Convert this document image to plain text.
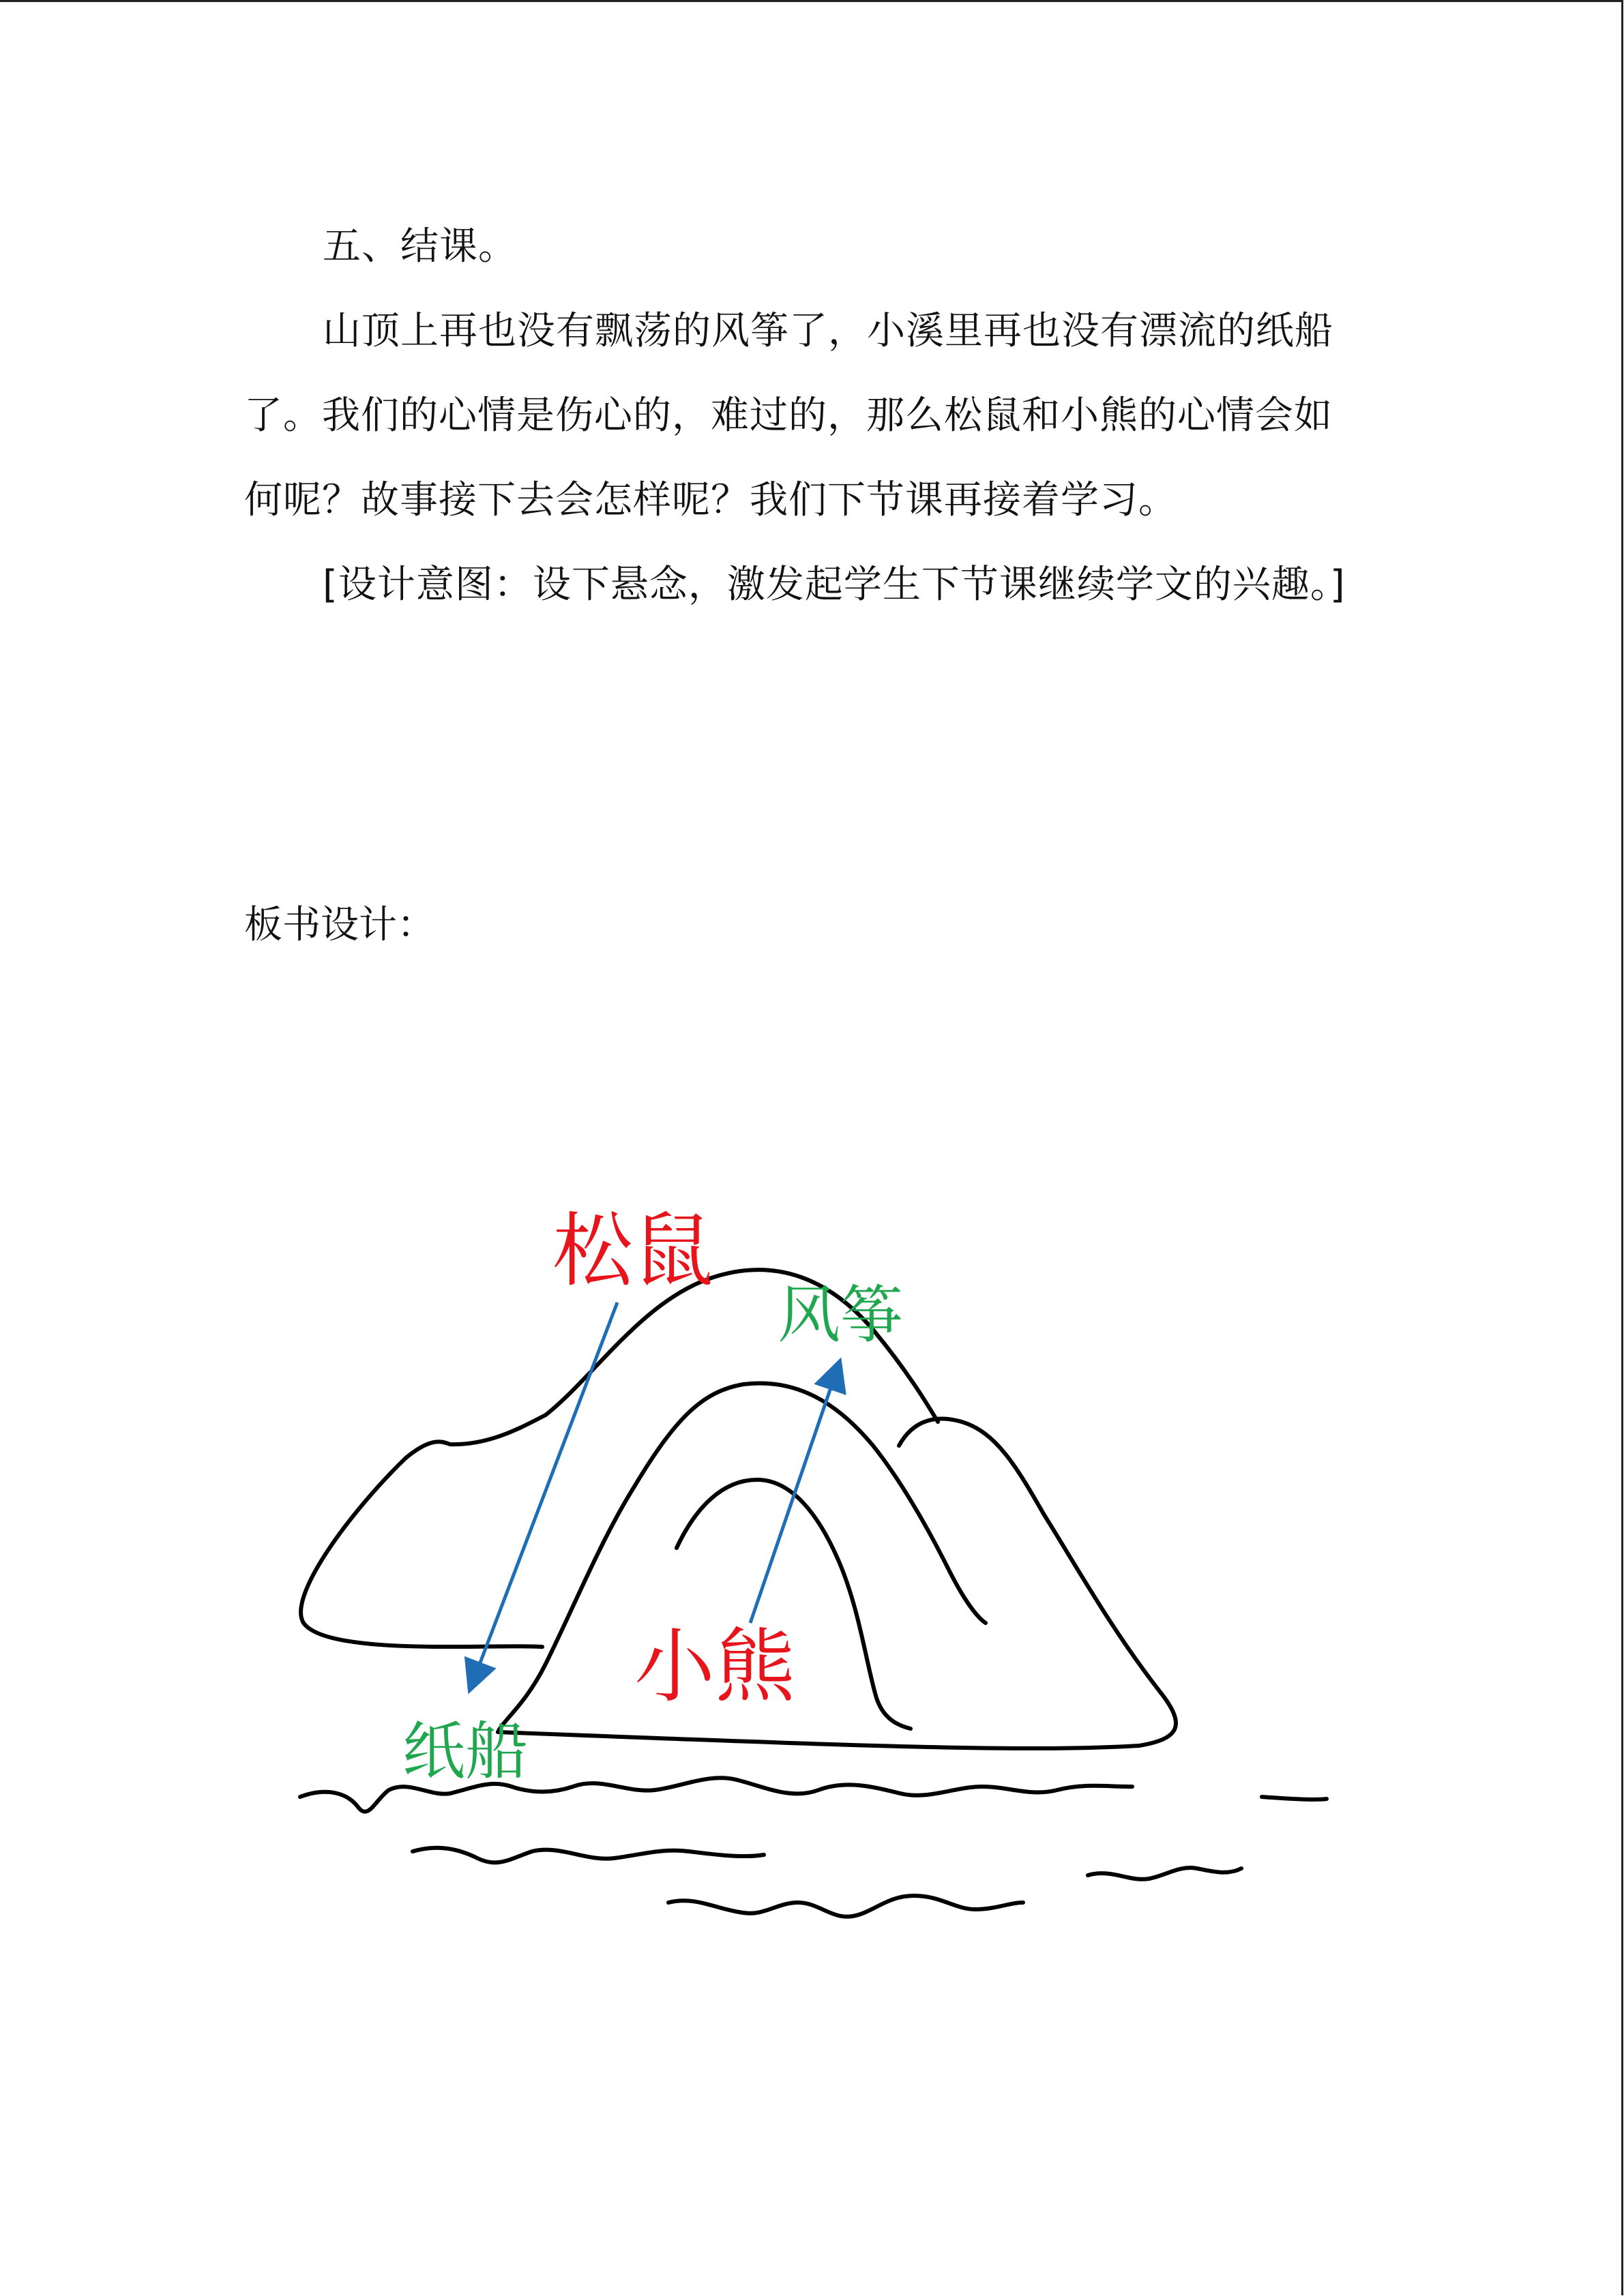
五、结课。

山顶上再也没有飘荡的风筝了，小溪里再也没有漂流的纸船了。我们的心情是伤心的，难过的，那么松鼠和小熊的心情会如何呢？故事接下去会怎样呢？我们下节课再接着学习。

[设计意图：设下悬念，激发起学生下节课继续学文的兴趣。]

板书设计：
松鼠
小熊
风筝
纸船
